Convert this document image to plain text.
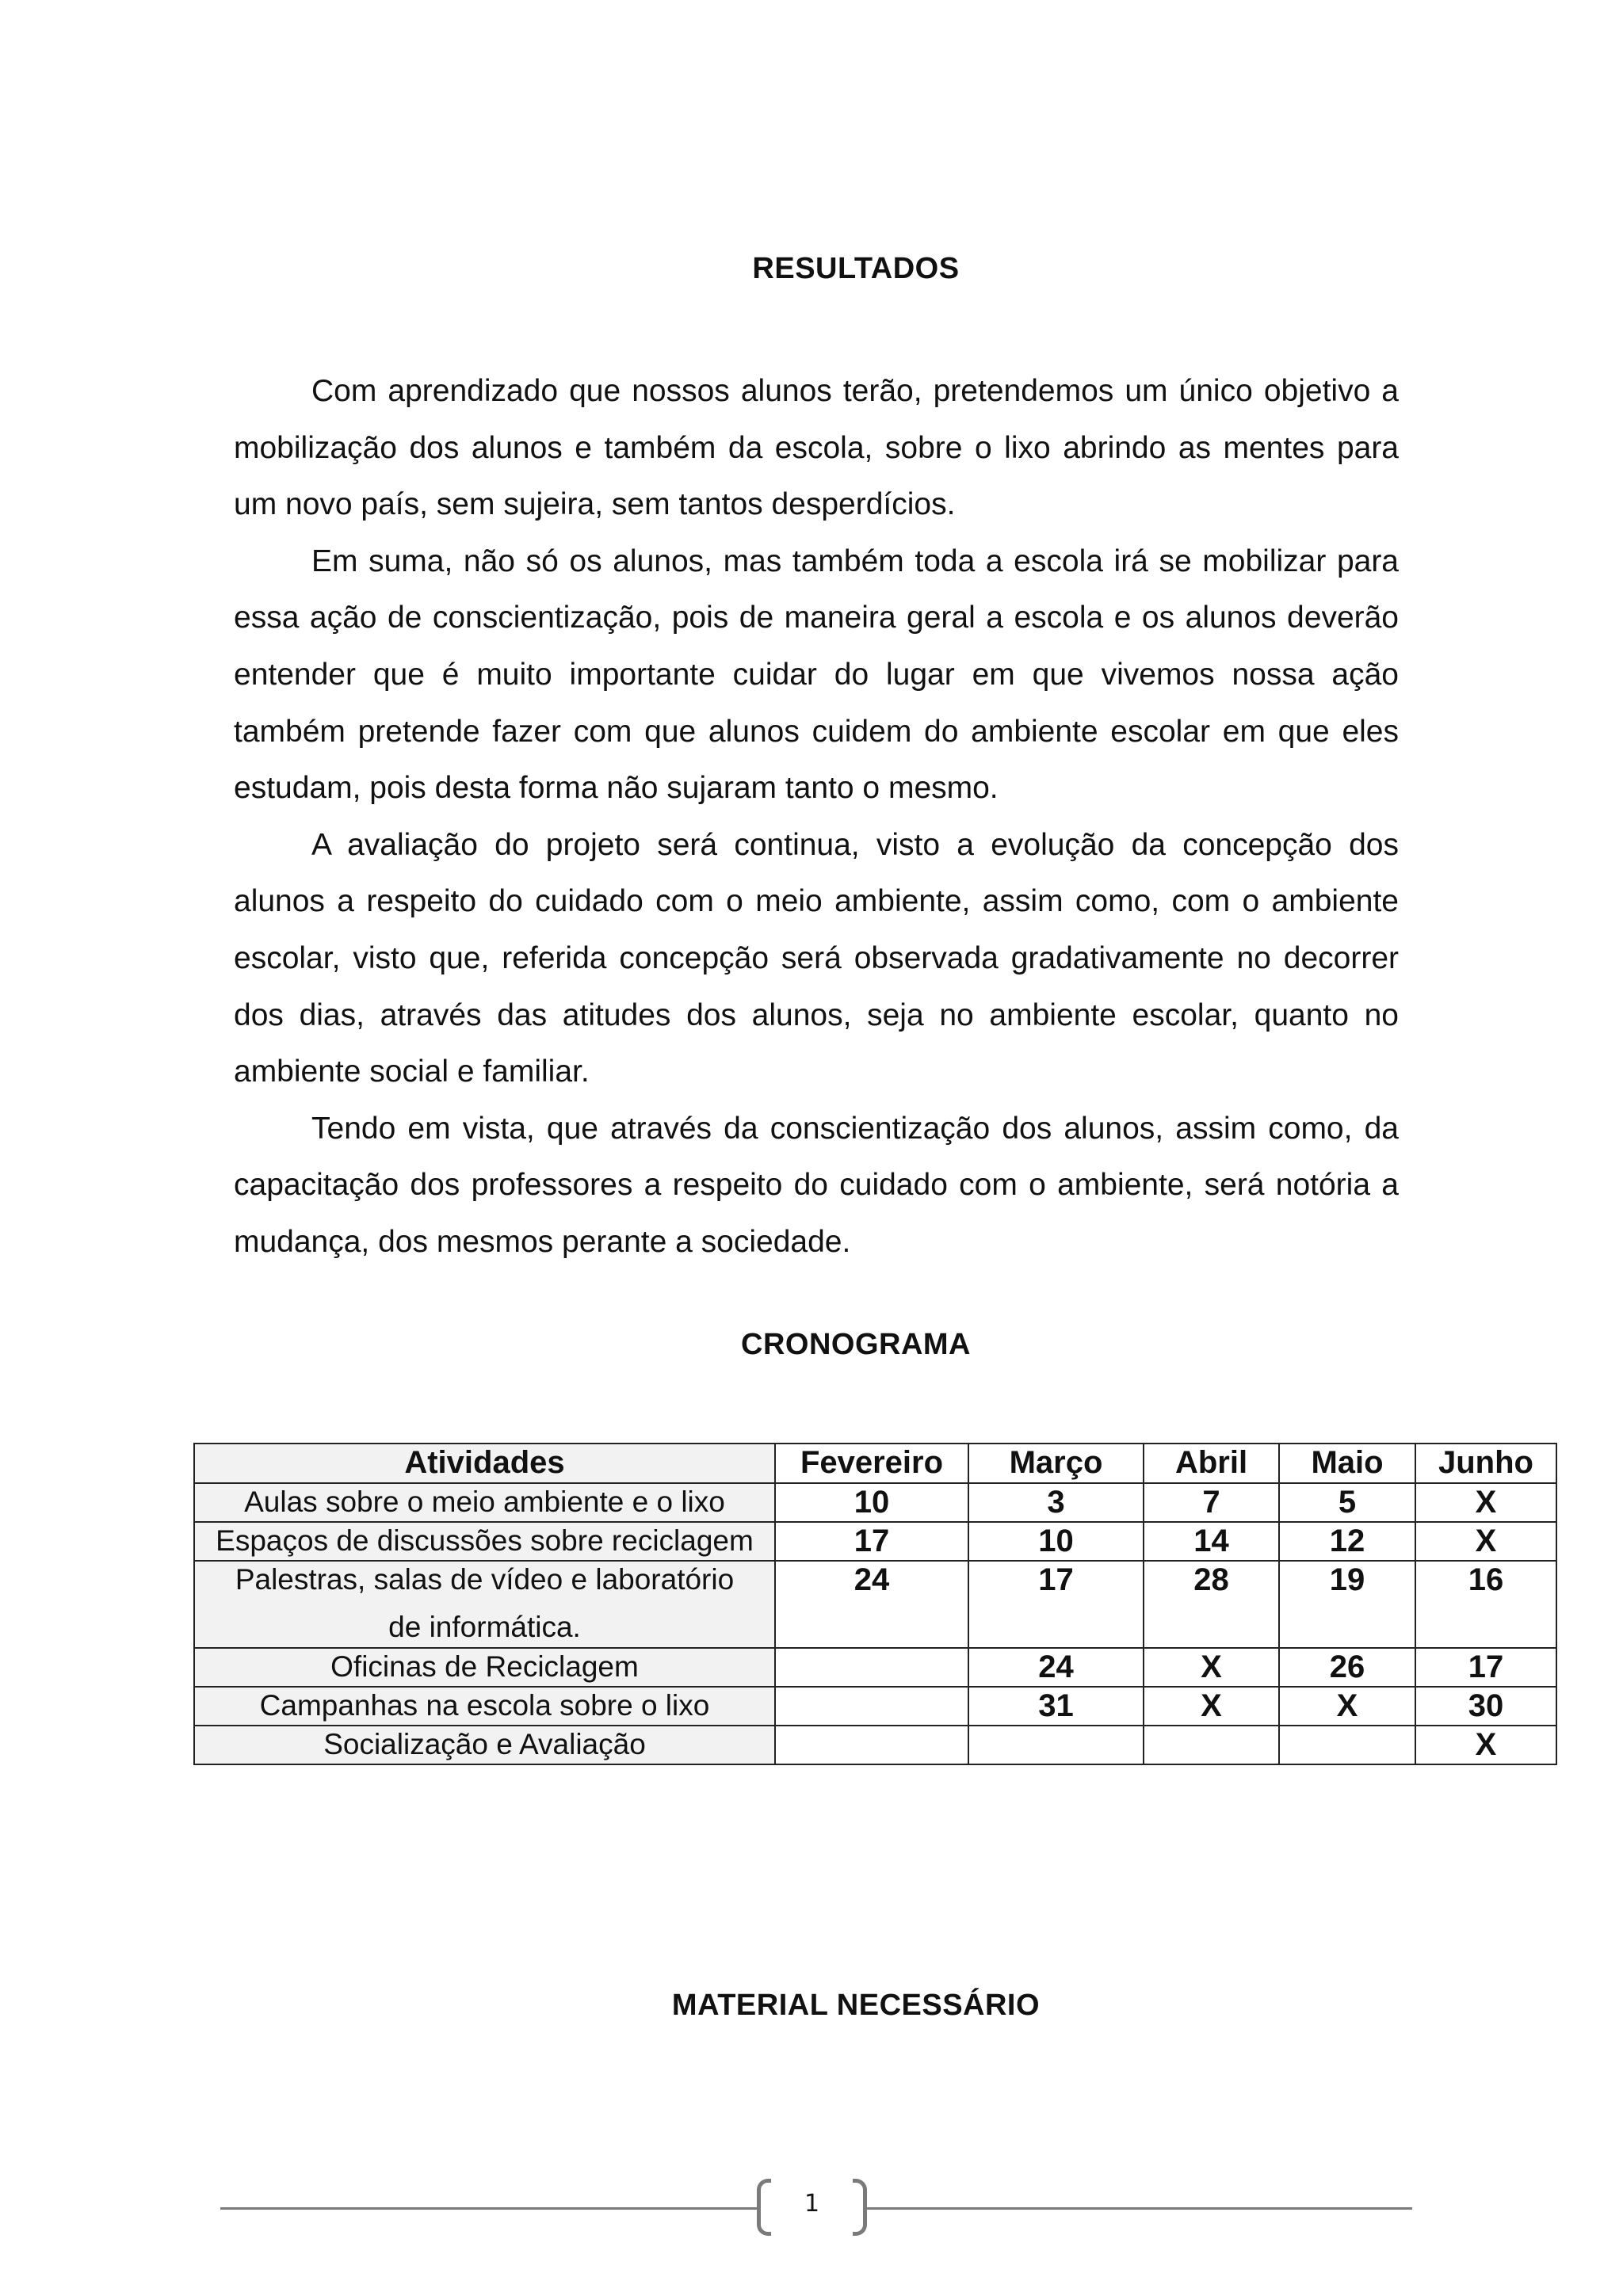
RESULTADOS

Com aprendizado que nossos alunos terão, pretendemos um único objetivo a mobilização dos alunos e também da escola, sobre o lixo abrindo as mentes para um novo país, sem sujeira, sem tantos desperdícios.

Em suma, não só os alunos, mas também toda a escola irá se mobilizar para essa ação de conscientização, pois de maneira geral a escola e os alunos deverão entender que é muito importante cuidar do lugar em que vivemos nossa ação também pretende fazer com que alunos cuidem do ambiente escolar em que eles estudam, pois desta forma não sujaram tanto o mesmo.

A avaliação do projeto será continua, visto a evolução da concepção dos alunos a respeito do cuidado com o meio ambiente, assim como, com o ambiente escolar, visto que, referida concepção será observada gradativamente no decorrer dos dias, através das atitudes dos alunos, seja no ambiente escolar, quanto no ambiente social e familiar.

Tendo em vista, que através da conscientização dos alunos, assim como, da capacitação dos professores a respeito do cuidado com o ambiente, será notória a mudança, dos mesmos perante a sociedade.

CRONOGRAMA
Atividades	Fevereiro	Março	Abril	Maio	Junho
Aulas sobre o meio ambiente e o lixo	10	3	7	5	X
Espaços de discussões sobre reciclagem	17	10	14	12	X
Palestras, salas de vídeo e laboratório
de informática.	24	17	28	19	16
Oficinas de Reciclagem		24	X	26	17
Campanhas na escola sobre o lixo		31	X	X	30
Socialização e Avaliação					X
MATERIAL NECESSÁRIO
1
